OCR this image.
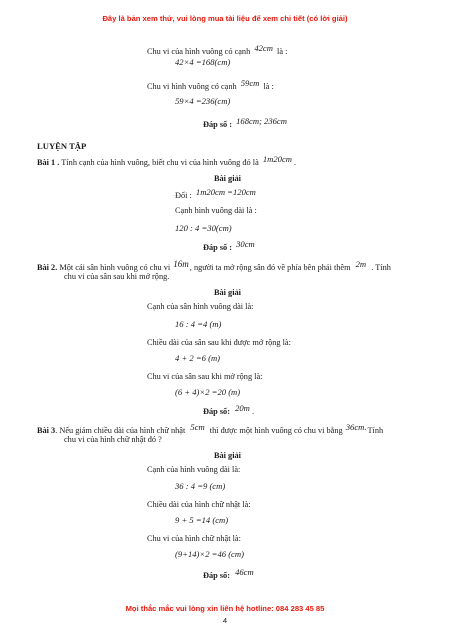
Đây là bản xem thử, vui lòng mua tài liệu để xem chi tiết (có lời giải)
Chu vi của hình vuông có cạnh 42cm là :
42×4 =168(cm)
Chu vi hình vuông có cạnh 59cm là :
59×4 =236(cm)
Đáp số : 168cm; 236cm
LUYỆN TẬP
Bài 1 . Tính cạnh của hình vuông, biết chu vi của hình vuông đó là 1m20cm .
Bài giải
Đổi : 1m20cm =120cm
Cạnh hình vuông dài là :
120 : 4 =30(cm)
Đáp số : 30cm
Bài 2. Một cái sân hình vuông có chu vi 16m, người ta mở rộng sân đó về phía bên phải thêm 2m . Tính
chu vi của sân sau khi mở rộng.
Bài giải
Cạnh của sân hình vuông dài là:
16 : 4 =4 (m)
Chiều dài của sân sau khi được mở rộng là:
4 + 2 =6 (m)
Chu vi của sân sau khi mở rộng là:
(6 + 4)×2 =20 (m)
Đáp số: 20m .
Bài 3. Nếu giảm chiều dài của hình chữ nhật 5cm thì được một hình vuông có chu vi bằng 36cm.Tính
chu vi của hình chữ nhật đó ?
Bài giải
Cạnh của hình vuông dài là:
36 : 4 =9 (cm)
Chiều dài của hình chữ nhật là:
9 + 5 =14 (cm)
Chu vi của hình chữ nhật là:
(9+14)×2 =46 (cm)
Đáp số: 46cm
Mọi thắc mắc vui lòng xin liên hệ hotline: 084 283 45 85
4
